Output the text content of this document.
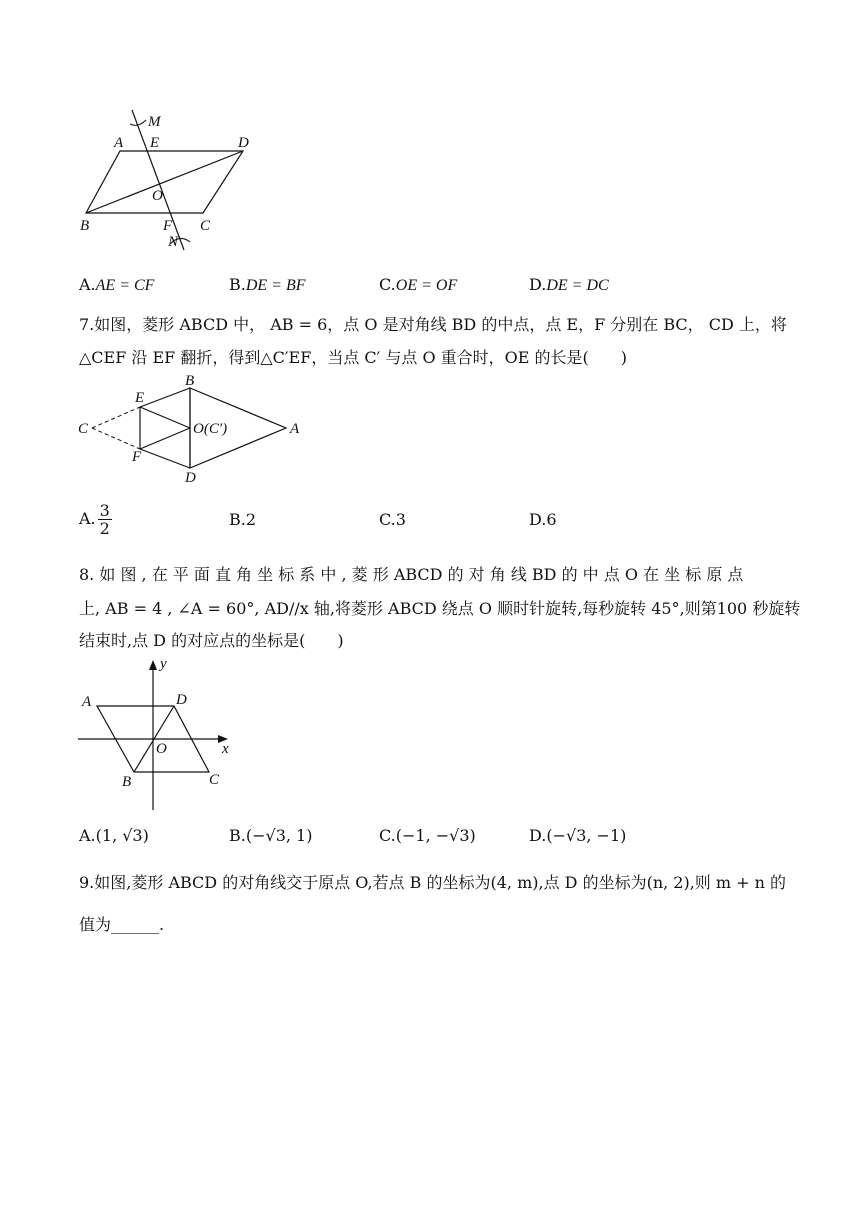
M
A E	D
O
B	F C
N
A.AE = CF	B.DE = BF	C.OE = OF	D.DE = DC
7.如图，菱形 ABCD 中， AB = 6，点 O 是对角线 BD 的中点，点 E，F 分别在 BC， CD 上，将
△CEF 沿 EF 翻折，得到△C′EF，当点 C′ 与点 O 重合时，OE 的长是(　　)
B
E
C	O(C′)	A
F
D
A. $\frac{3}{2}$	B.2	C.3	D.6
8. 如 图 , 在 平 面 直 角 坐 标 系 中 , 菱 形 ABCD 的 对 角 线 BD 的 中 点 O 在 坐 标 原 点
上, AB = 4 , ∠A = 60°, AD//x 轴,将菱形 ABCD 绕点 O 顺时针旋转,每秒旋转 45°,则第100 秒旋转
结束时,点 D 的对应点的坐标是(　　)
y
A	D
O	x
B	C
A.(1, √3)	B.(−√3, 1)	C.(−1, −√3)	D.(−√3, −1)
9.如图,菱形 ABCD 的对角线交于原点 O,若点 B 的坐标为(4, m),点 D 的坐标为(n, 2),则 m + n 的
值为______.
